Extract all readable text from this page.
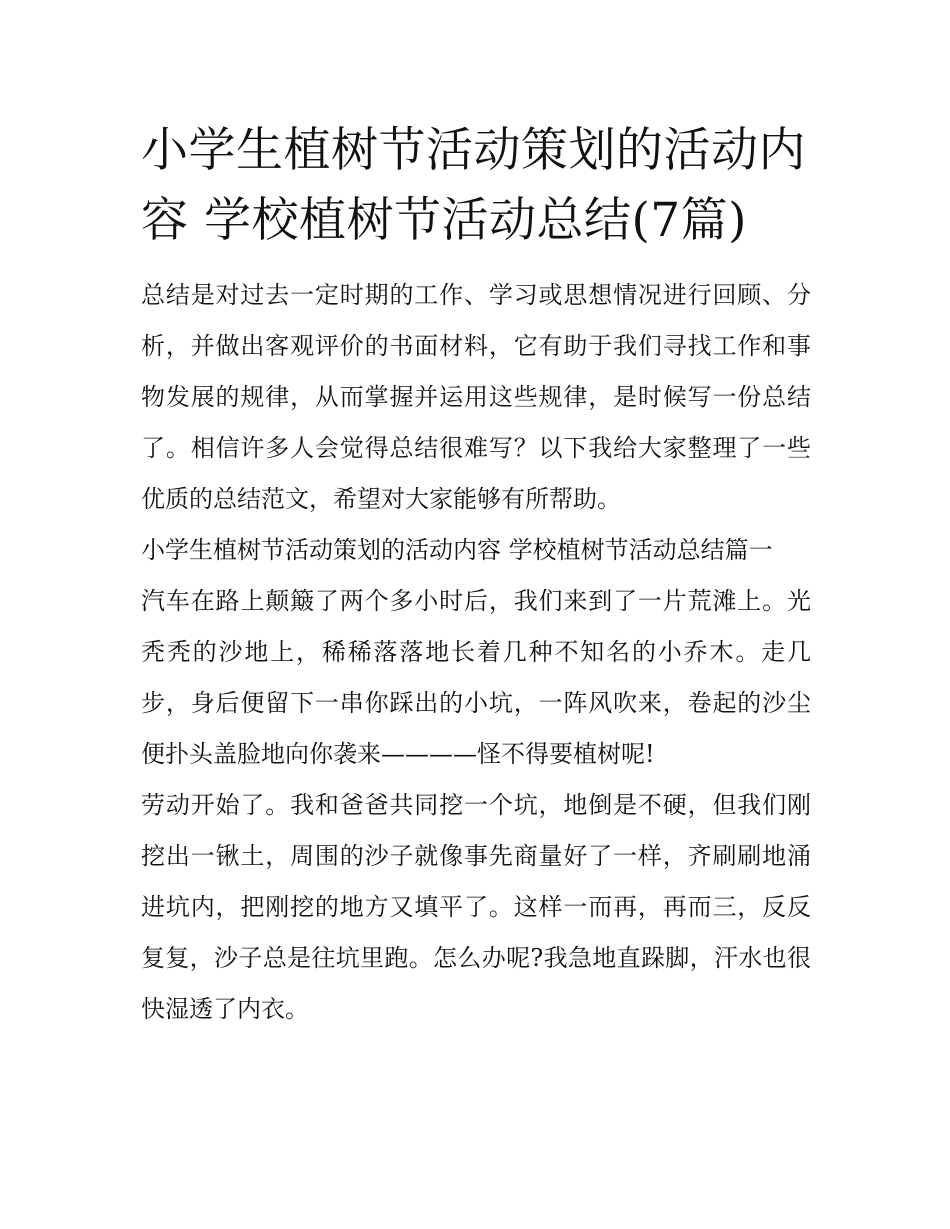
小学生植树节活动策划的活动内容 学校植树节活动总结(7篇)

总结是对过去一定时期的工作、学习或思想情况进行回顾、分析，并做出客观评价的书面材料，它有助于我们寻找工作和事物发展的规律，从而掌握并运用这些规律，是时候写一份总结了。相信许多人会觉得总结很难写？以下我给大家整理了一些优质的总结范文，希望对大家能够有所帮助。

小学生植树节活动策划的活动内容 学校植树节活动总结篇一

汽车在路上颠簸了两个多小时后，我们来到了一片荒滩上。光秃秃的沙地上，稀稀落落地长着几种不知名的小乔木。走几步，身后便留下一串你踩出的小坑，一阵风吹来，卷起的沙尘便扑头盖脸地向你袭来————怪不得要植树呢!

劳动开始了。我和爸爸共同挖一个坑，地倒是不硬，但我们刚挖出一锹土，周围的沙子就像事先商量好了一样，齐刷刷地涌进坑内，把刚挖的地方又填平了。这样一而再，再而三，反反复复，沙子总是往坑里跑。怎么办呢?我急地直跺脚，汗水也很快湿透了内衣。
